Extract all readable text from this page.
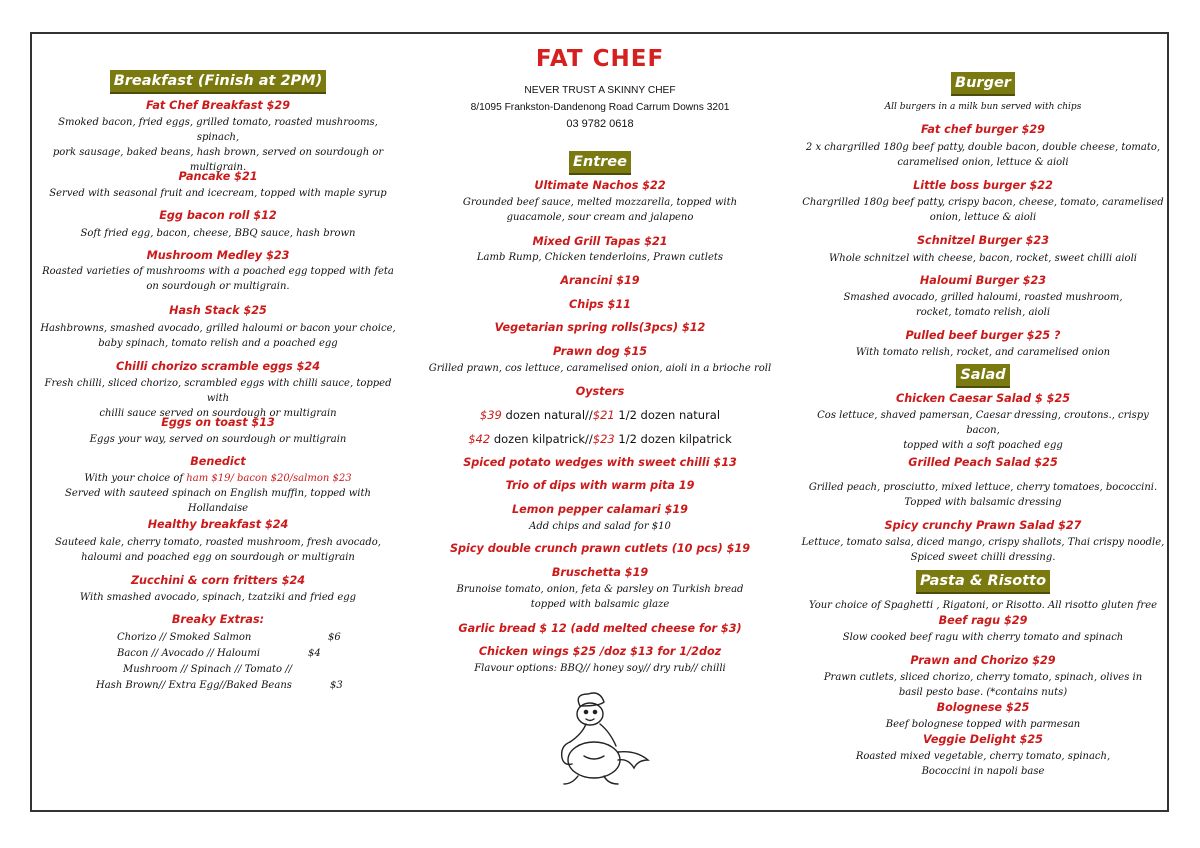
Breakfast (Finish at 2PM)
Fat Chef Breakfast $29
Smoked bacon, fried eggs, grilled tomato, roasted mushrooms, spinach,
pork sausage, baked beans, hash brown, served on sourdough or
multigrain.
Pancake $21
Served with seasonal fruit and icecream, topped with maple syrup
Egg bacon roll $12
Soft fried egg, bacon, cheese, BBQ sauce, hash brown
Mushroom Medley $23
Roasted varieties of mushrooms with a poached egg topped with feta
on sourdough or multigrain.
Hash Stack $25
Hashbrowns, smashed avocado, grilled haloumi or bacon your choice,
baby spinach, tomato relish and a poached egg
Chilli chorizo scramble eggs $24
Fresh chilli, sliced chorizo, scrambled eggs with chilli sauce, topped with
chilli sauce served on sourdough or multigrain
Eggs on toast $13
Eggs your way, served on sourdough or multigrain
Benedict
With your choice of ham $19/ bacon $20/salmon $23
Served with sauteed spinach on English muffin, topped with Hollandaise
Healthy breakfast $24
Sauteed kale, cherry tomato, roasted mushroom, fresh avocado,
haloumi and poached egg on sourdough or multigrain
Zucchini & corn fritters $24
With smashed avocado, spinach, tzatziki and fried egg
Breaky Extras:
Chorizo // Smoked Salmon	$6
Bacon // Avocado // Haloumi	$4
Mushroom // Spinach // Tomato //
Hash Brown// Extra Egg//Baked Beans	$3
FAT CHEF
NEVER TRUST A SKINNY CHEF
8/1095 Frankston-Dandenong Road Carrum Downs 3201
03 9782 0618
Entree
Ultimate Nachos $22
Grounded beef sauce, melted mozzarella, topped with
guacamole, sour cream and jalapeno
Mixed Grill Tapas $21
Lamb Rump, Chicken tenderloins, Prawn cutlets
Arancini $19
Chips $11
Vegetarian spring rolls(3pcs) $12
Prawn dog $15
Grilled prawn, cos lettuce, caramelised onion, aioli in a brioche roll
Oysters
$39 dozen natural//$21 1/2 dozen natural
$42 dozen kilpatrick//$23 1/2 dozen kilpatrick
Spiced potato wedges with sweet chilli $13
Trio of dips with warm pita 19
Lemon pepper calamari $19
Add chips and salad for $10
Spicy double crunch prawn cutlets (10 pcs) $19
Bruschetta $19
Brunoise tomato, onion, feta & parsley on Turkish bread
topped with balsamic glaze
Garlic bread $ 12 (add melted cheese for $3)
Chicken wings $25 /doz $13 for 1/2doz
Flavour options: BBQ// honey soy// dry rub// chilli
Burger
All burgers in a milk bun served with chips
Fat chef burger $29
2 x chargrilled 180g beef patty, double bacon, double cheese, tomato,
caramelised onion, lettuce & aioli
Little boss burger $22
Chargrilled 180g beef patty, crispy bacon, cheese, tomato, caramelised
onion, lettuce & aioli
Schnitzel Burger $23
Whole schnitzel with cheese, bacon, rocket, sweet chilli aioli
Haloumi Burger $23
Smashed avocado, grilled haloumi, roasted mushroom,
rocket, tomato relish, aioli
Pulled beef burger $25 ?
With tomato relish, rocket, and caramelised onion
Salad
Chicken Caesar Salad $ $25
Cos lettuce, shaved pamersan, Caesar dressing, croutons., crispy bacon,
topped with a soft poached egg
Grilled Peach Salad $25
Grilled peach, prosciutto, mixed lettuce, cherry tomatoes, bococcini.
Topped with balsamic dressing
Spicy crunchy Prawn Salad $27
Lettuce, tomato salsa, diced mango, crispy shallots, Thai crispy noodle,
Spiced sweet chilli dressing.
Pasta & Risotto
Your choice of Spaghetti , Rigatoni, or Risotto. All risotto gluten free
Beef ragu $29
Slow cooked beef ragu with cherry tomato and spinach
Prawn and Chorizo $29
Prawn cutlets, sliced chorizo, cherry tomato, spinach, olives in
basil pesto base. (*contains nuts)
Bolognese $25
Beef bolognese topped with parmesan
Veggie Delight $25
Roasted mixed vegetable, cherry tomato, spinach,
Bococcini in napoli base
